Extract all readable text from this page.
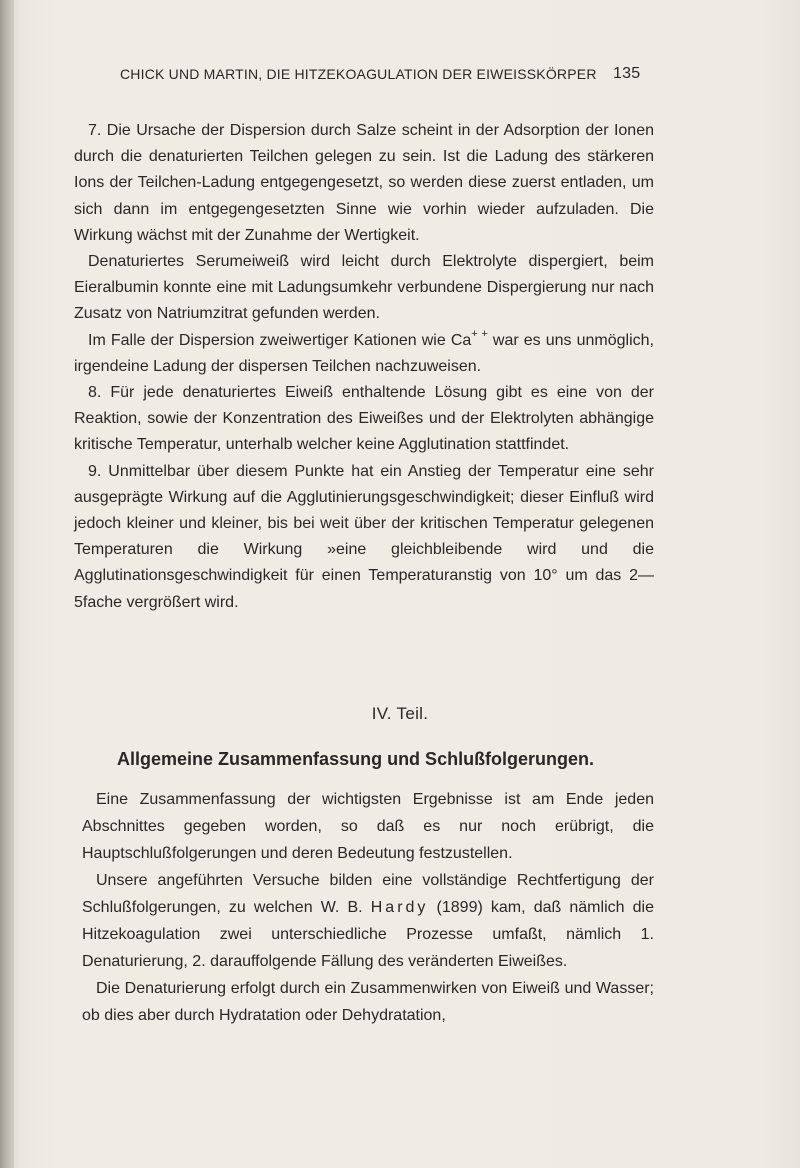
CHICK UND MARTIN, DIE HITZEKOAGULATION DER EIWEISSKÖRPER 135

7. Die Ursache der Dispersion durch Salze scheint in der Adsorption der Ionen durch die denaturierten Teilchen gelegen zu sein. Ist die Ladung des stärkeren Ions der Teilchen-Ladung entgegengesetzt, so werden diese zuerst entladen, um sich dann im entgegengesetzten Sinne wie vorhin wieder aufzuladen. Die Wirkung wächst mit der Zunahme der Wertigkeit.

Denaturiertes Serumeiweiß wird leicht durch Elektrolyte dispergiert, beim Eieralbumin konnte eine mit Ladungsumkehr verbundene Dispergierung nur nach Zusatz von Natriumzitrat gefunden werden.

Im Falle der Dispersion zweiwertiger Kationen wie Ca+ + war es uns unmöglich, irgendeine Ladung der dispersen Teilchen nachzuweisen.

8. Für jede denaturiertes Eiweiß enthaltende Lösung gibt es eine von der Reaktion, sowie der Konzentration des Eiweißes und der Elektrolyten abhängige kritische Temperatur, unterhalb welcher keine Agglutination stattfindet.

9. Unmittelbar über diesem Punkte hat ein Anstieg der Temperatur eine sehr ausgeprägte Wirkung auf die Agglutinierungsgeschwindigkeit; dieser Einfluß wird jedoch kleiner und kleiner, bis bei weit über der kritischen Temperatur gelegenen Temperaturen die Wirkung »eine gleichbleibende wird und die Agglutinationsgeschwindigkeit für einen Temperaturanstig von 10° um das 2—5fache vergrößert wird.

IV. Teil.
Allgemeine Zusammenfassung und Schlußfolgerungen.

Eine Zusammenfassung der wichtigsten Ergebnisse ist am Ende jeden Abschnittes gegeben worden, so daß es nur noch erübrigt, die Hauptschlußfolgerungen und deren Bedeutung festzustellen.

Unsere angeführten Versuche bilden eine vollständige Rechtfertigung der Schlußfolgerungen, zu welchen W. B. Hardy (1899) kam, daß nämlich die Hitzekoagulation zwei unterschiedliche Prozesse umfaßt, nämlich 1. Denaturierung, 2. darauffolgende Fällung des veränderten Eiweißes.

Die Denaturierung erfolgt durch ein Zusammenwirken von Eiweiß und Wasser; ob dies aber durch Hydratation oder Dehydratation,
